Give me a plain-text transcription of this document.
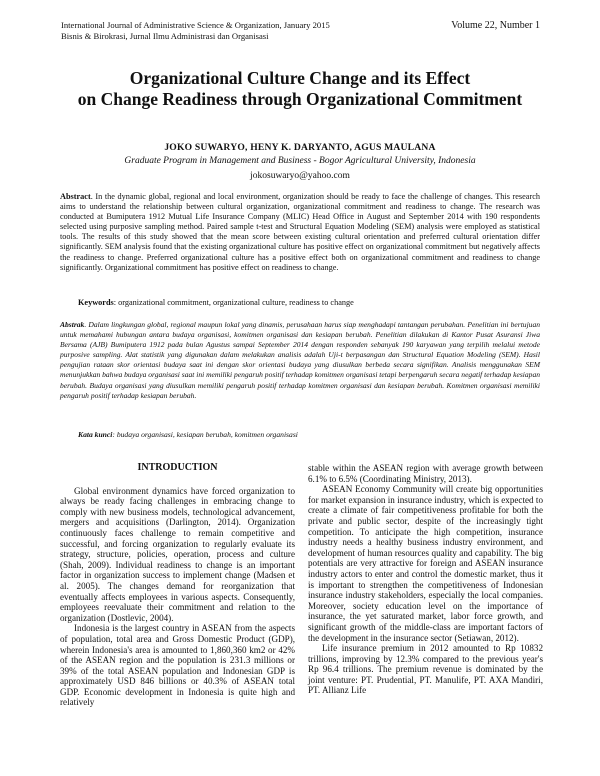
International Journal of Administrative Science & Organization, January 2015
Bisnis & Birokrasi, Jurnal Ilmu Administrasi dan Organisasi
Volume 22, Number 1
Organizational Culture Change and its Effect
on Change Readiness through Organizational Commitment
JOKO SUWARYO, HENY K. DARYANTO, AGUS MAULANA
Graduate Program in Management and Business - Bogor Agricultural University, Indonesia
jokosuwaryo@yahoo.com
Abstract. In the dynamic global, regional and local environment, organization should be ready to face the challenge of changes. This research aims to understand the relationship between cultural organization, organizational commitment and readiness to change. The research was conducted at Bumiputera 1912 Mutual Life Insurance Company (MLIC) Head Office in August and September 2014 with 190 respondents selected using purposive sampling method. Paired sample t-test and Structural Equation Modeling (SEM) analysis were employed as statistical tools. The results of this study showed that the mean score between existing cultural orientation and preferred cultural orientation differ significantly. SEM analysis found that the existing organizational culture has positive effect on organizational commitment but negatively affects the readiness to change. Preferred organizational culture has a positive effect both on organizational commitment and readiness to change significantly. Organizational commitment has positive effect on readiness to change.
Keywords: organizational commitment, organizational culture, readiness to change
Abstrak. Dalam lingkungan global, regional maupun lokal yang dinamis, perusahaan harus siap menghadapi tantangan perubahan. Penelitian ini bertujuan untuk memahami hubungan antara budaya organisasi, komitmen organisasi dan kesiapan berubah. Penelitian dilakukan di Kantor Pusat Asuransi Jiwa Bersama (AJB) Bumiputera 1912 pada bulan Agustus sampai September 2014 dengan responden sebanyak 190 karyawan yang terpilih melalui metode purposive sampling. Alat statistik yang digunakan dalam melakukan analisis adalah Uji-t berpasangan dan Structural Equation Modeling (SEM). Hasil pengujian rataan skor orientasi budaya saat ini dengan skor orientasi budaya yang diusulkan berbeda secara signifikan. Analisis menggunakan SEM menunjukkan bahwa budaya organisasi saat ini memiliki pengaruh positif terhadap komitmen organisasi tetapi berpengaruh secara negatif terhadap kesiapan berubah. Budaya organisasi yang diusulkan memiliki pengaruh positif terhadap komitmen organisasi dan kesiapan berubah. Komitmen organisasi memiliki pengaruh positif terhadap kesiapan berubah.
Kata kunci: budaya organisasi, kesiapan berubah, komitmen organisasi
INTRODUCTION

Global environment dynamics have forced organization to always be ready facing challenges in embracing change to comply with new business models, technological advancement, mergers and acquisitions (Darlington, 2014). Organization continuously faces challenge to remain competitive and successful, and forcing organization to regularly evaluate its strategy, structure, policies, operation, process and culture (Shah, 2009). Individual readiness to change is an important factor in organization success to implement change (Madsen et al. 2005). The changes demand for reorganization that eventually affects employees in various aspects. Consequently, employees reevaluate their commitment and relation to the organization (Dostlevic, 2004).

Indonesia is the largest country in ASEAN from the aspects of population, total area and Gross Domestic Product (GDP), wherein Indonesia's area is amounted to 1,860,360 km2 or 42% of the ASEAN region and the population is 231.3 millions or 39% of the total ASEAN population and Indonesian GDP is approximately USD 846 billions or 40.3% of ASEAN total GDP. Economic development in Indonesia is quite high and relatively

stable within the ASEAN region with average growth between 6.1% to 6.5% (Coordinating Ministry, 2013).

ASEAN Economy Community will create big opportunities for market expansion in insurance industry, which is expected to create a climate of fair competitiveness profitable for both the private and public sector, despite of the increasingly tight competition. To anticipate the high competition, insurance industry needs a healthy business industry environment, and development of human resources quality and capability. The big potentials are very attractive for foreign and ASEAN insurance industry actors to enter and control the domestic market, thus it is important to strengthen the competitiveness of Indonesian insurance industry stakeholders, especially the local companies. Moreover, society education level on the importance of insurance, the yet saturated market, labor force growth, and significant growth of the middle-class are important factors of the development in the insurance sector (Setiawan, 2012).

Life insurance premium in 2012 amounted to Rp 10832 trillions, improving by 12.3% compared to the previous year's Rp 96.4 trillions. The premium revenue is dominated by the joint venture: PT. Prudential, PT. Manulife, PT. AXA Mandiri, PT. Allianz Life
